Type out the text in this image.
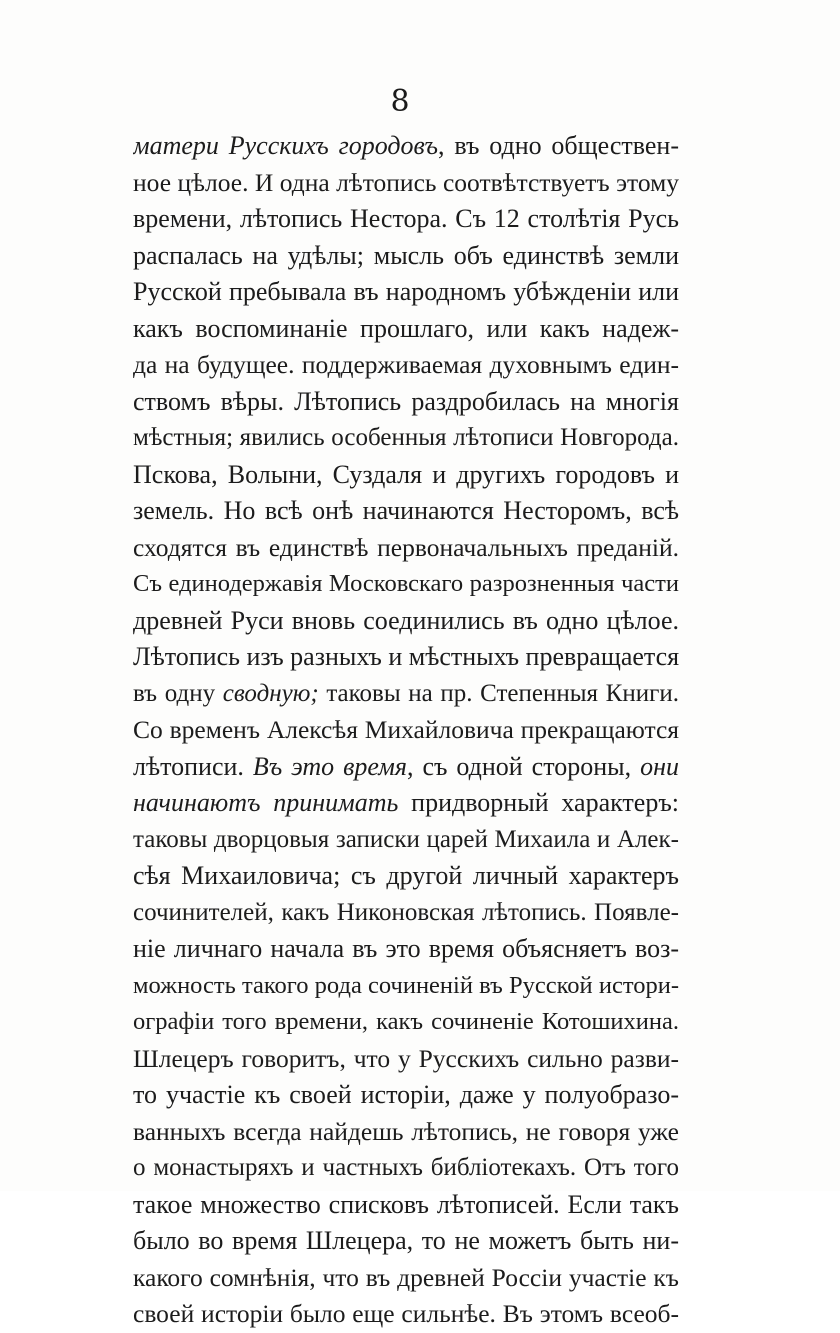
8
матери Русскихъ городовъ, въ одно обществен-
ное цѣлое. И одна лѣтопись соотвѣтствуетъ этому
времени, лѣтопись Нестора. Съ 12 столѣтія Русь
распалась на удѣлы; мысль объ единствѣ земли
Русской пребывала въ народномъ убѣжденіи или
какъ воспоминаніе прошлаго, или какъ надеж-
да на будущее. поддерживаемая духовнымъ един-
ствомъ вѣры. Лѣтопись раздробилась на многія
мѣстныя; явились особенныя лѣтописи Новгорода.
Пскова, Волыни, Суздаля и другихъ городовъ и
земель. Но всѣ онѣ начинаются Несторомъ, всѣ
сходятся въ единствѣ первоначальныхъ преданій.
Съ единодержавія Московскаго разрозненныя части
древней Руси вновь соединились въ одно цѣлое.
Лѣтопись изъ разныхъ и мѣстныхъ превращается
въ одну сводную; таковы на пр. Степенныя Книги.
Со временъ Алексѣя Михайловича прекращаются
лѣтописи. Въ это время, съ одной стороны, они
начинаютъ принимать придворный характеръ:
таковы дворцовыя записки царей Михаила и Алек-
сѣя Михаиловича; съ другой личный характеръ
сочинителей, какъ Никоновская лѣтопись. Появле-
ніе личнаго начала въ это время объясняетъ воз-
можность такого рода сочиненій въ Русской истори-
ографіи того времени, какъ сочиненіе Котошихина.
Шлецеръ говоритъ, что у Русскихъ сильно разви-
то участіе къ своей исторіи, даже у полуобразо-
ванныхъ всегда найдешь лѣтопись, не говоря уже
о монастыряхъ и частныхъ библіотекахъ. Отъ того
такое множество списковъ лѣтописей. Если такъ
было во время Шлецера, то не можетъ быть ни-
какого сомнѣнія, что въ древней Россіи участіе къ
своей исторіи было еще сильнѣе. Въ этомъ всеоб-
